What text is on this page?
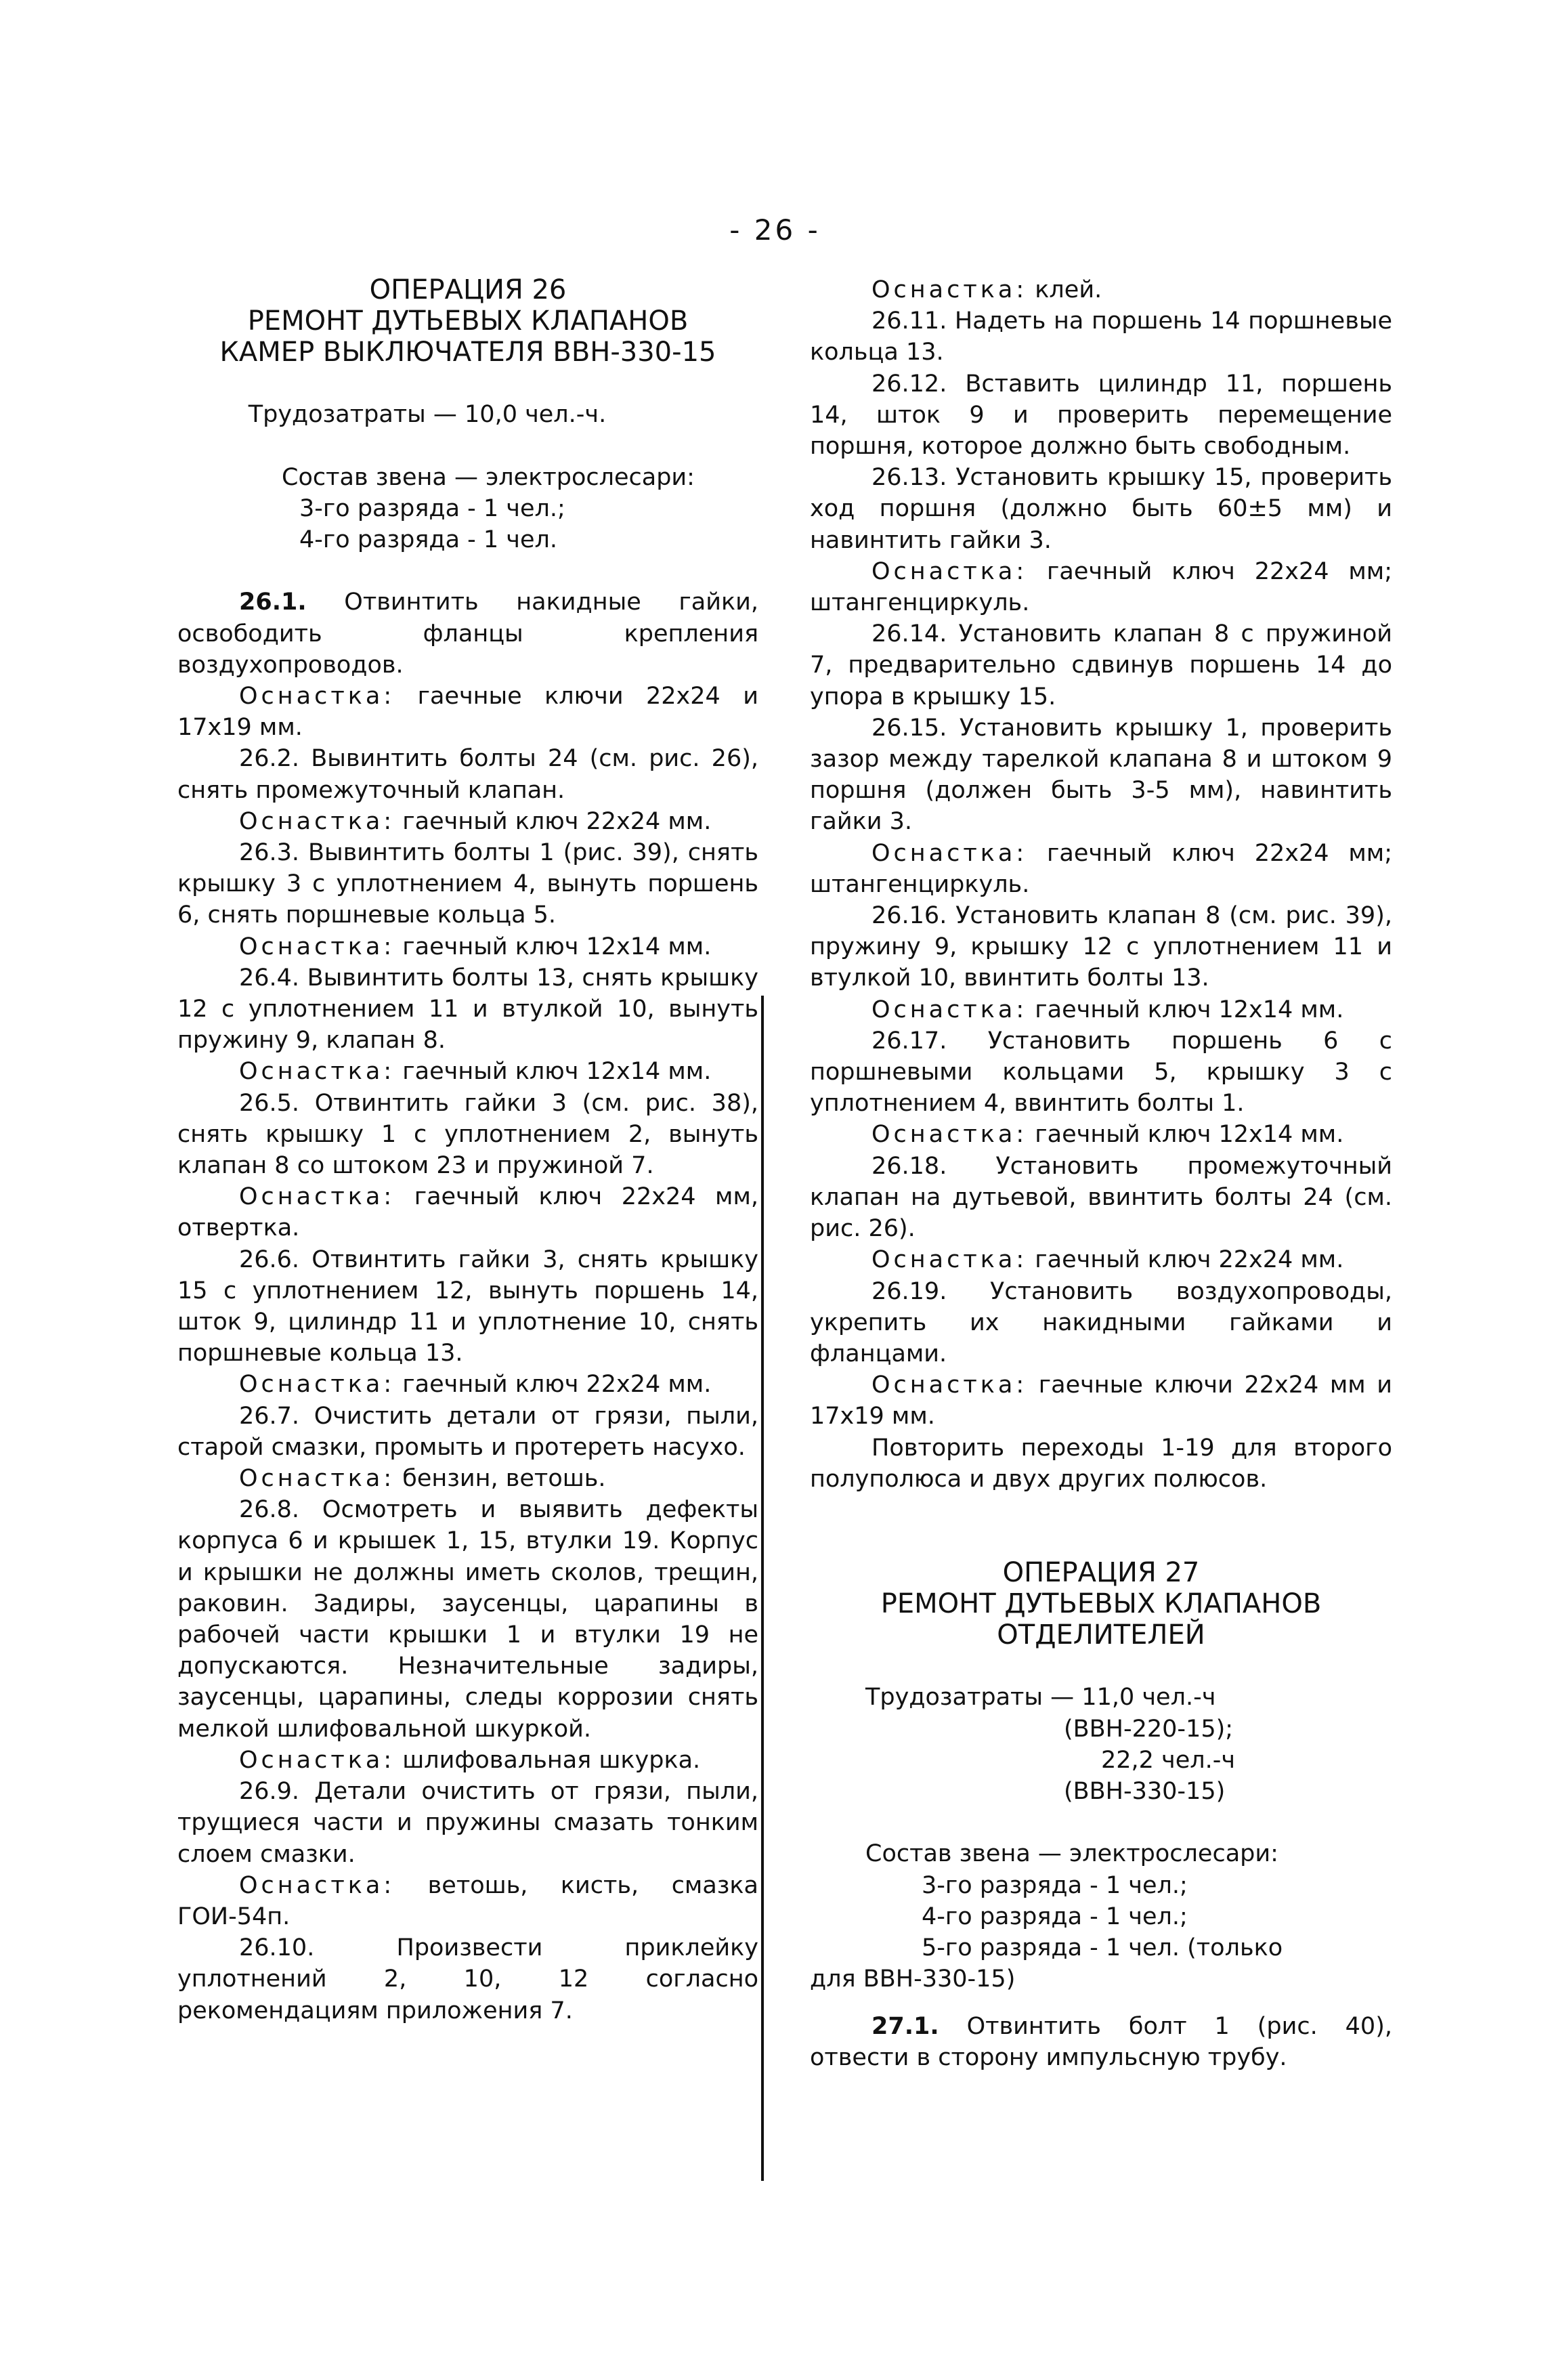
- 26 -
ОПЕРАЦИЯ 26
РЕМОНТ ДУТЬЕВЫХ КЛАПАНОВ
КАМЕР ВЫКЛЮЧАТЕЛЯ ВВН-330-15
Трудозатраты — 10,0 чел.-ч.
Состав звена — электрослесари:
3-го разряда - 1 чел.;
4-го разряда - 1 чел.

26.1. Отвинтить накидные гайки, освободить фланцы крепления воздухопроводов.

Оснастка: гаечные ключи 22х24 и 17х19 мм.

26.2. Вывинтить болты 24 (см. рис. 26), снять промежуточный клапан.

Оснастка: гаечный ключ 22х24 мм.

26.3. Вывинтить болты 1 (рис. 39), снять крышку 3 с уплотнением 4, вынуть поршень 6, снять поршневые кольца 5.

Оснастка: гаечный ключ 12х14 мм.

26.4. Вывинтить болты 13, снять крышку 12 с уплотнением 11 и втулкой 10, вынуть пружину 9, клапан 8.

Оснастка: гаечный ключ 12х14 мм.

26.5. Отвинтить гайки 3 (см. рис. 38), снять крышку 1 с уплотнением 2, вынуть клапан 8 со штоком 23 и пружиной 7.

Оснастка: гаечный ключ 22х24 мм, отвертка.

26.6. Отвинтить гайки 3, снять крышку 15 с уплотнением 12, вынуть поршень 14, шток 9, цилиндр 11 и уплотнение 10, снять поршневые кольца 13.

Оснастка: гаечный ключ 22х24 мм.

26.7. Очистить детали от грязи, пыли, старой смазки, промыть и протереть насухо.

Оснастка: бензин, ветошь.

26.8. Осмотреть и выявить дефекты корпуса 6 и крышек 1, 15, втулки 19. Корпус и крышки не должны иметь сколов, трещин, раковин. Задиры, заусенцы, царапины в рабочей части крышки 1 и втулки 19 не допускаются. Незначительные задиры, заусенцы, царапины, следы коррозии снять мелкой шлифовальной шкуркой.

Оснастка: шлифовальная шкурка.

26.9. Детали очистить от грязи, пыли, трущиеся части и пружины смазать тонким слоем смазки.

Оснастка: ветошь, кисть, смазка ГОИ-54п.

26.10.	Произвести приклейку уплотнений 2, 10, 12 согласно рекомендациям приложения 7.

Оснастка: клей.

26.11. Надеть на поршень 14 поршневые кольца 13.

26.12. Вставить цилиндр 11, поршень 14, шток 9 и проверить перемещение поршня, которое должно быть свободным.

26.13. Установить крышку 15, проверить ход поршня (должно быть 60±5 мм) и навинтить гайки 3.

Оснастка: гаечный ключ 22х24 мм; штангенциркуль.

26.14. Установить клапан 8 с пружиной 7, предварительно сдвинув поршень 14 до упора в крышку 15.

26.15. Установить крышку 1, проверить зазор между тарелкой клапана 8 и штоком 9 поршня (должен быть 3-5 мм), навинтить гайки 3.

Оснастка: гаечный ключ 22х24 мм; штангенциркуль.

26.16. Установить клапан 8 (см. рис. 39), пружину 9, крышку 12 с уплотнением 11 и втулкой 10, ввинтить болты 13.

Оснастка: гаечный ключ 12х14 мм.

26.17. Установить поршень 6 с поршневыми кольцами 5, крышку 3 с уплотнением 4, ввинтить болты 1.

Оснастка: гаечный ключ 12х14 мм.

26.18. Установить промежуточный клапан на дутьевой, ввинтить болты 24 (см. рис. 26).

Оснастка: гаечный ключ 22х24 мм.

26.19. Установить воздухопроводы, укрепить их накидными гайками и фланцами.

Оснастка: гаечные ключи 22х24 мм и 17х19 мм.

Повторить переходы 1-19 для второго полуполюса и двух других полюсов.

ОПЕРАЦИЯ 27
РЕМОНТ ДУТЬЕВЫХ КЛАПАНОВ
ОТДЕЛИТЕЛЕЙ
Трудозатраты — 11,0 чел.-ч
(ВВН-220-15);
22,2 чел.-ч
(ВВН-330-15)
Состав звена — электрослесари:
3-го разряда - 1 чел.;
4-го разряда - 1 чел.;
5-го разряда - 1 чел. (только
для ВВН-330-15)

27.1. Отвинтить болт 1 (рис. 40), отвести в сторону импульсную трубу.
